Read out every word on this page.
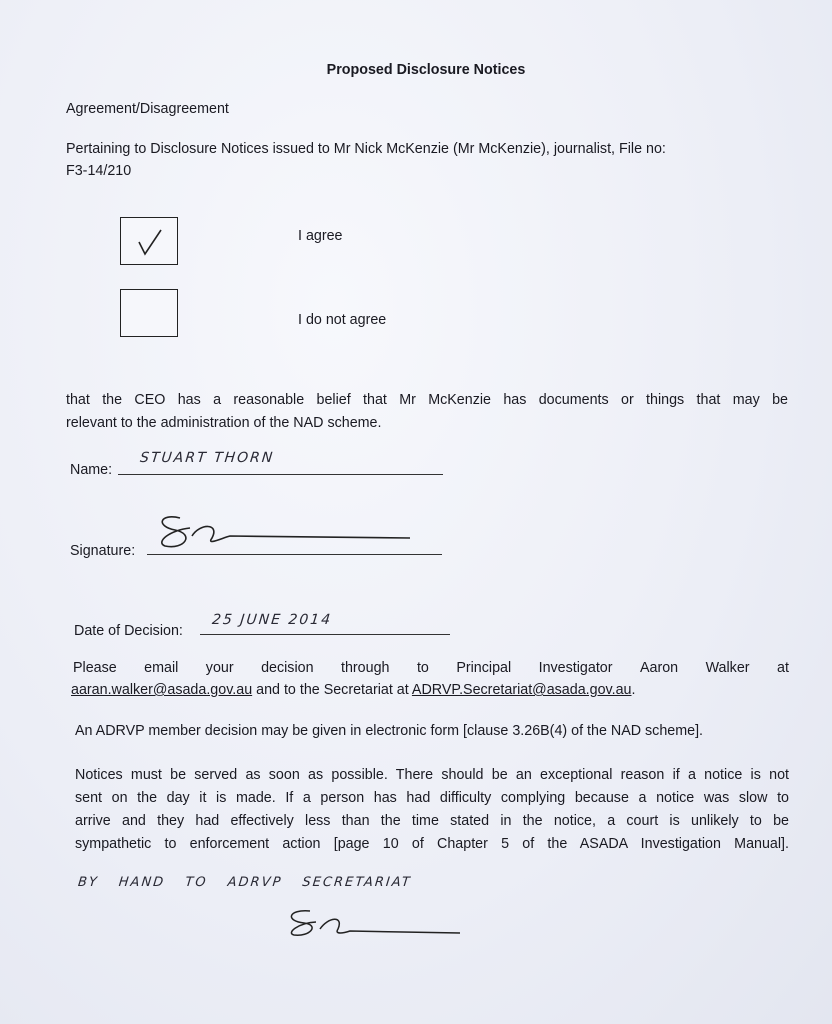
Proposed Disclosure Notices
Agreement/Disagreement
Pertaining to Disclosure Notices issued to Mr Nick McKenzie (Mr McKenzie), journalist, File no:
F3-14/210
I agree
I do not agree
that the CEO has a reasonable belief that Mr McKenzie has documents or things that may be
relevant to the administration of the NAD scheme.
Name:
STUART THORN
Signature:
Date of Decision:
25 JUNE 2014
Please email your decision through to Principal Investigator Aaron Walker at
aaran.walker@asada.gov.au and to the Secretariat at ADRVP.Secretariat@asada.gov.au.
An ADRVP member decision may be given in electronic form [clause 3.26B(4) of the NAD scheme].

Notices must be served as soon as possible. There should be an exceptional reason if a notice is not

sent on the day it is made. If a person has had difficulty complying because a notice was slow to

arrive and they had effectively less than the time stated in the notice, a court is unlikely to be

sympathetic to enforcement action [page 10 of Chapter 5 of the ASADA Investigation Manual].

BY HAND TO ADRVP SECRETARIAT
